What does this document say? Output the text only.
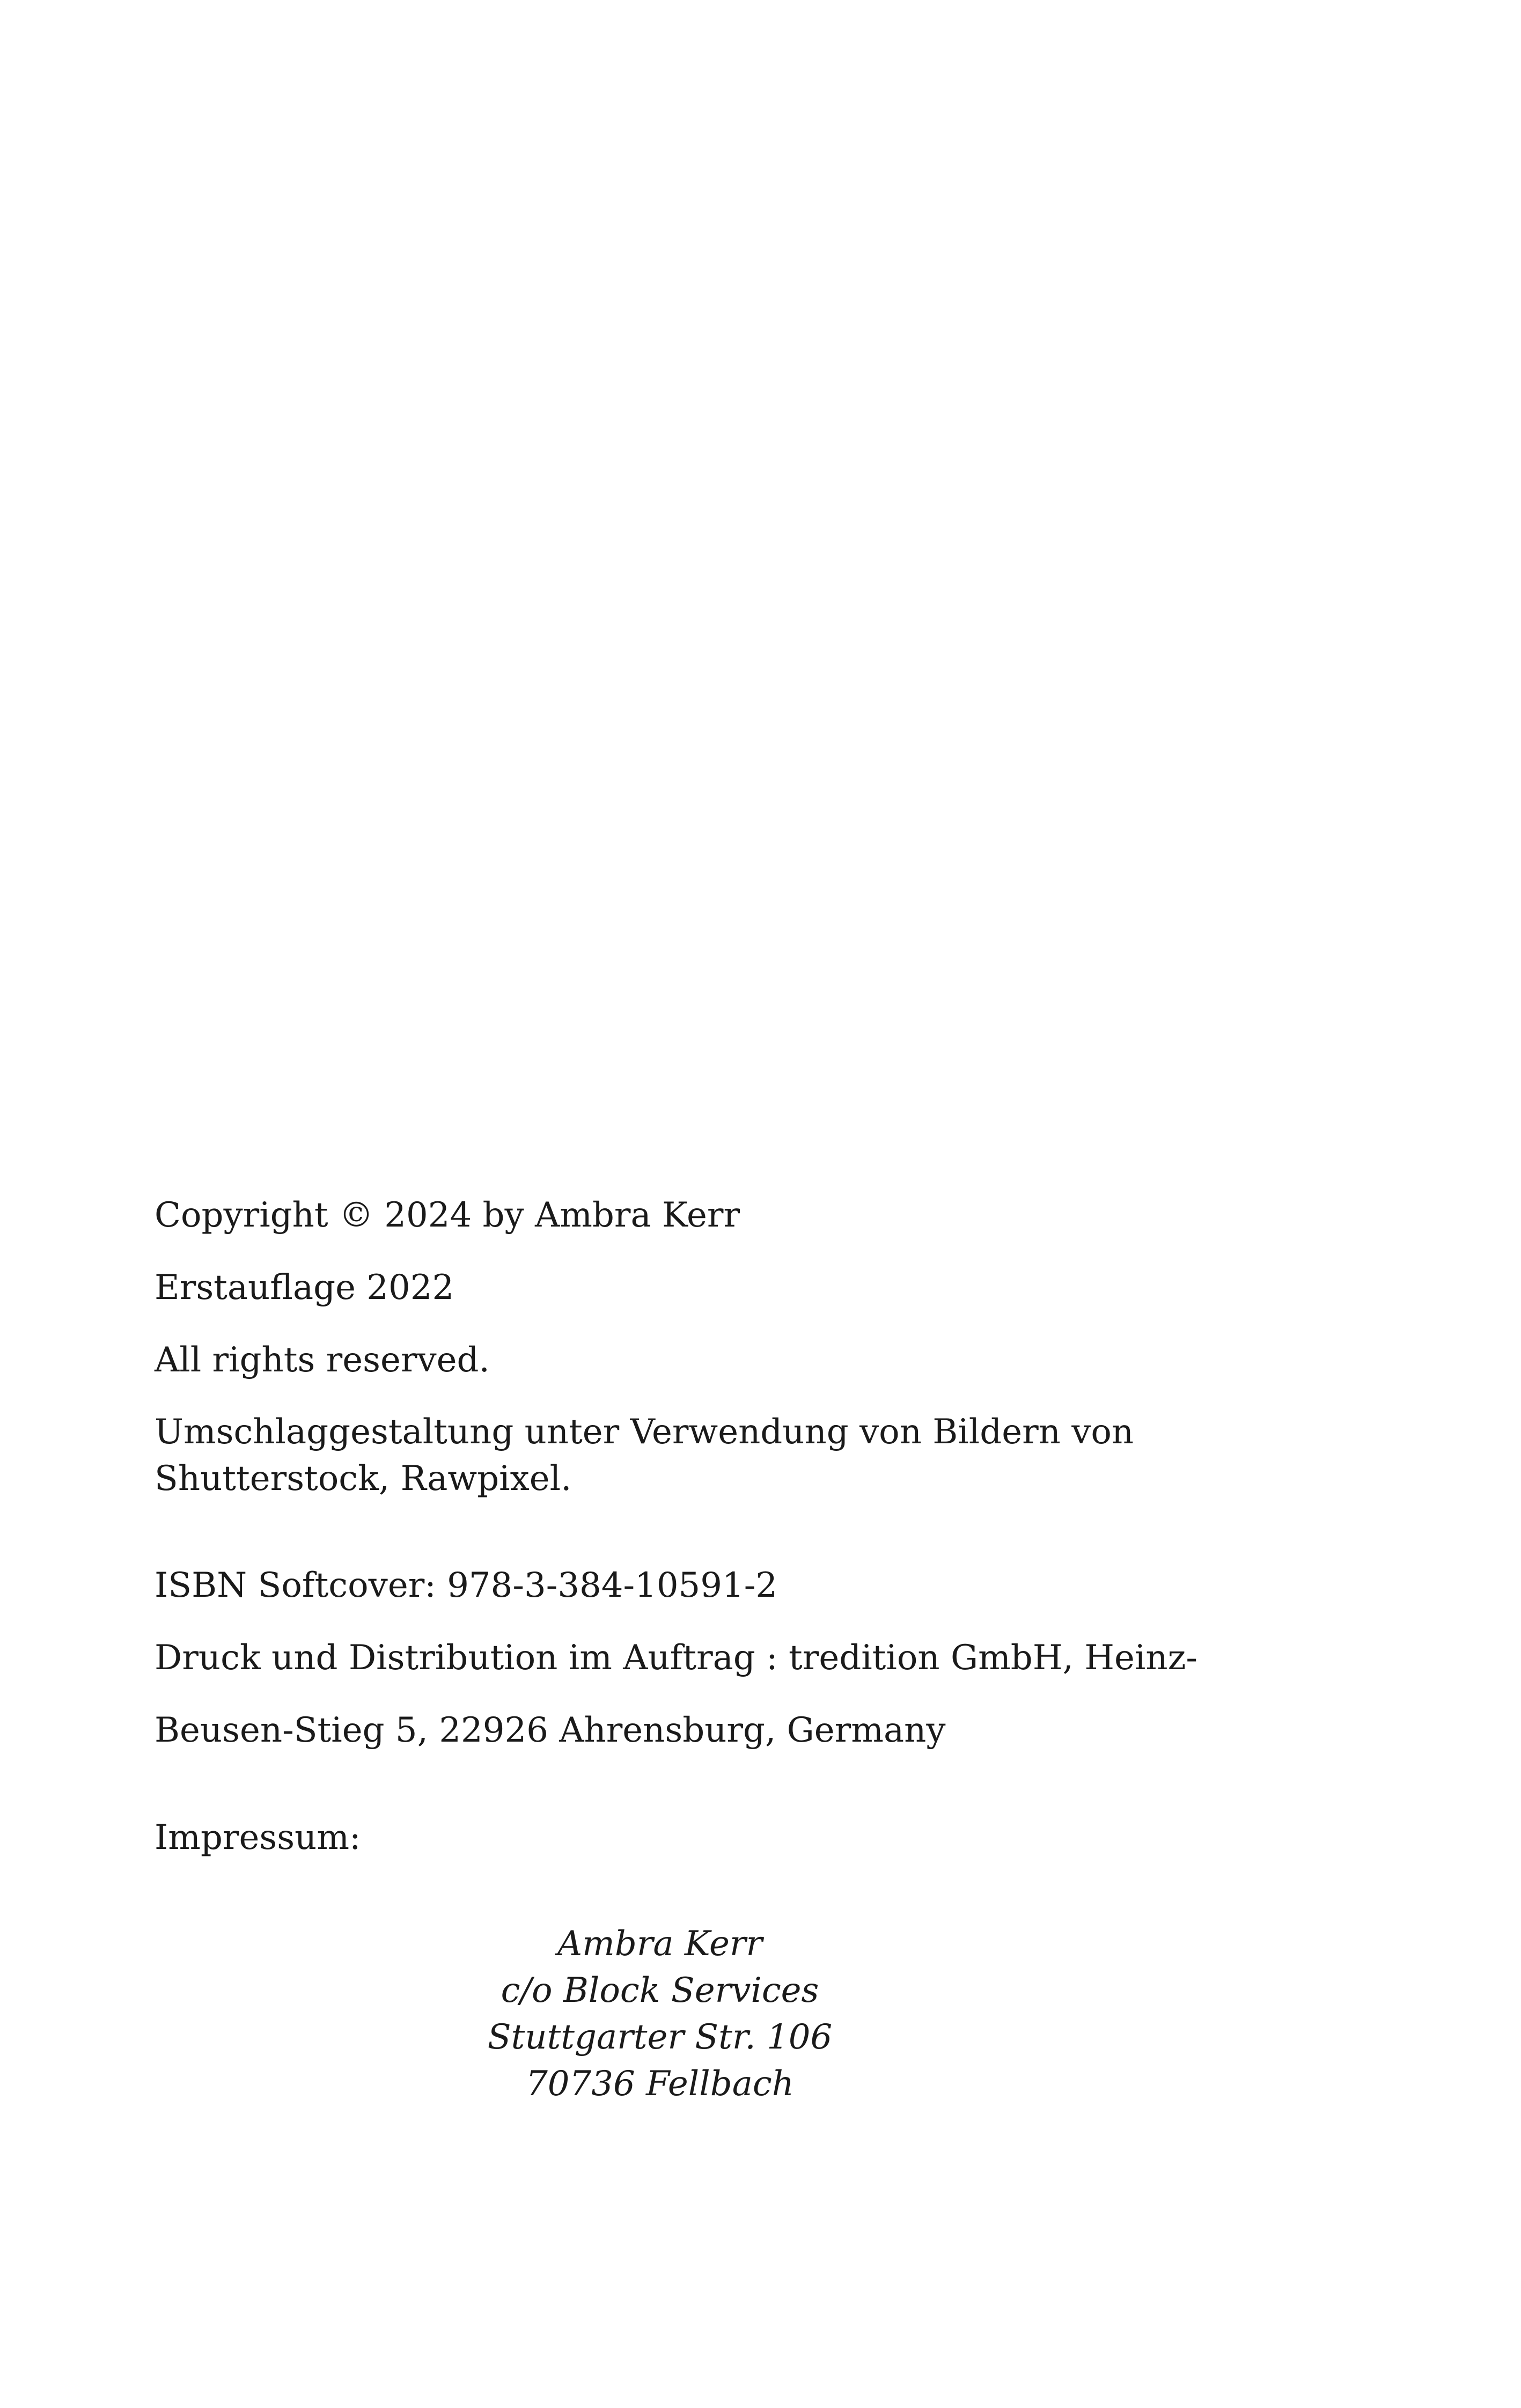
Copyright © 2024 by Ambra Kerr
Erstauflage 2022
All rights reserved.
Umschlaggestaltung unter Verwendung von Bildern von
Shutterstock, Rawpixel.
ISBN Softcover: 978-3-384-10591-2
Druck und Distribution im Auftrag : tredition GmbH, Heinz-
Beusen-Stieg 5, 22926 Ahrensburg, Germany
Impressum:
Ambra Kerr
c/o Block Services
Stuttgarter Str. 106
70736 Fellbach
